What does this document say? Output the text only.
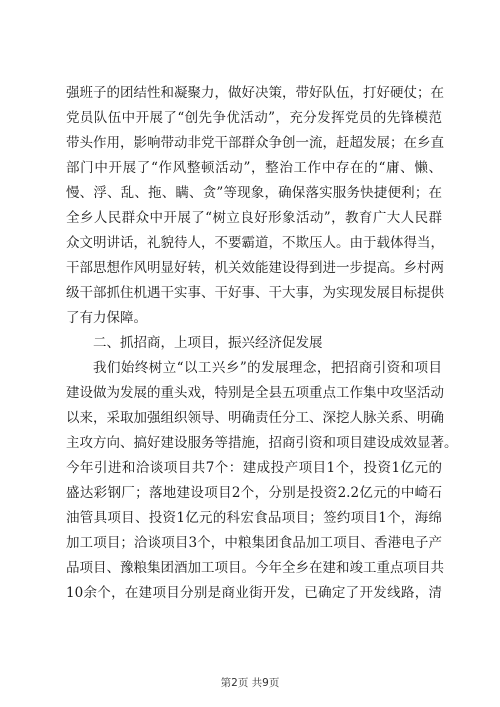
强班子的团结性和凝聚力，做好决策，带好队伍，打好硬仗；在
党员队伍中开展了“创先争优活动”，充分发挥党员的先锋模范
带头作用，影响带动非党干部群众争创一流，赶超发展；在乡直
部门中开展了“作风整顿活动”，整治工作中存在的“庸、懒、
慢、浮、乱、拖、瞒、贪”等现象，确保落实服务快捷便利；在
全乡人民群众中开展了“树立良好形象活动”，教育广大人民群
众文明讲话，礼貌待人，不要霸道，不欺压人。由于载体得当，
干部思想作风明显好转，机关效能建设得到进一步提高。乡村两
级干部抓住机遇干实事、干好事、干大事，为实现发展目标提供
了有力保障。
二、抓招商，上项目，振兴经济促发展
我们始终树立“以工兴乡”的发展理念，把招商引资和项目
建设做为发展的重头戏，特别是全县五项重点工作集中攻坚活动
以来，采取加强组织领导、明确责任分工、深挖人脉关系、明确
主攻方向、搞好建设服务等措施，招商引资和项目建设成效显著。
今年引进和洽谈项目共7个：建成投产项目1个，投资1亿元的
盛达彩钢厂；落地建设项目2个，分别是投资2.2亿元的中崎石
油管具项目、投资1亿元的科宏食品项目；签约项目1个，海绵
加工项目；洽谈项目3个，中粮集团食品加工项目、香港电子产
品项目、豫粮集团酒加工项目。今年全乡在建和竣工重点项目共
10余个，在建项目分别是商业街开发，已确定了开发线路，清
第2页 共9页
